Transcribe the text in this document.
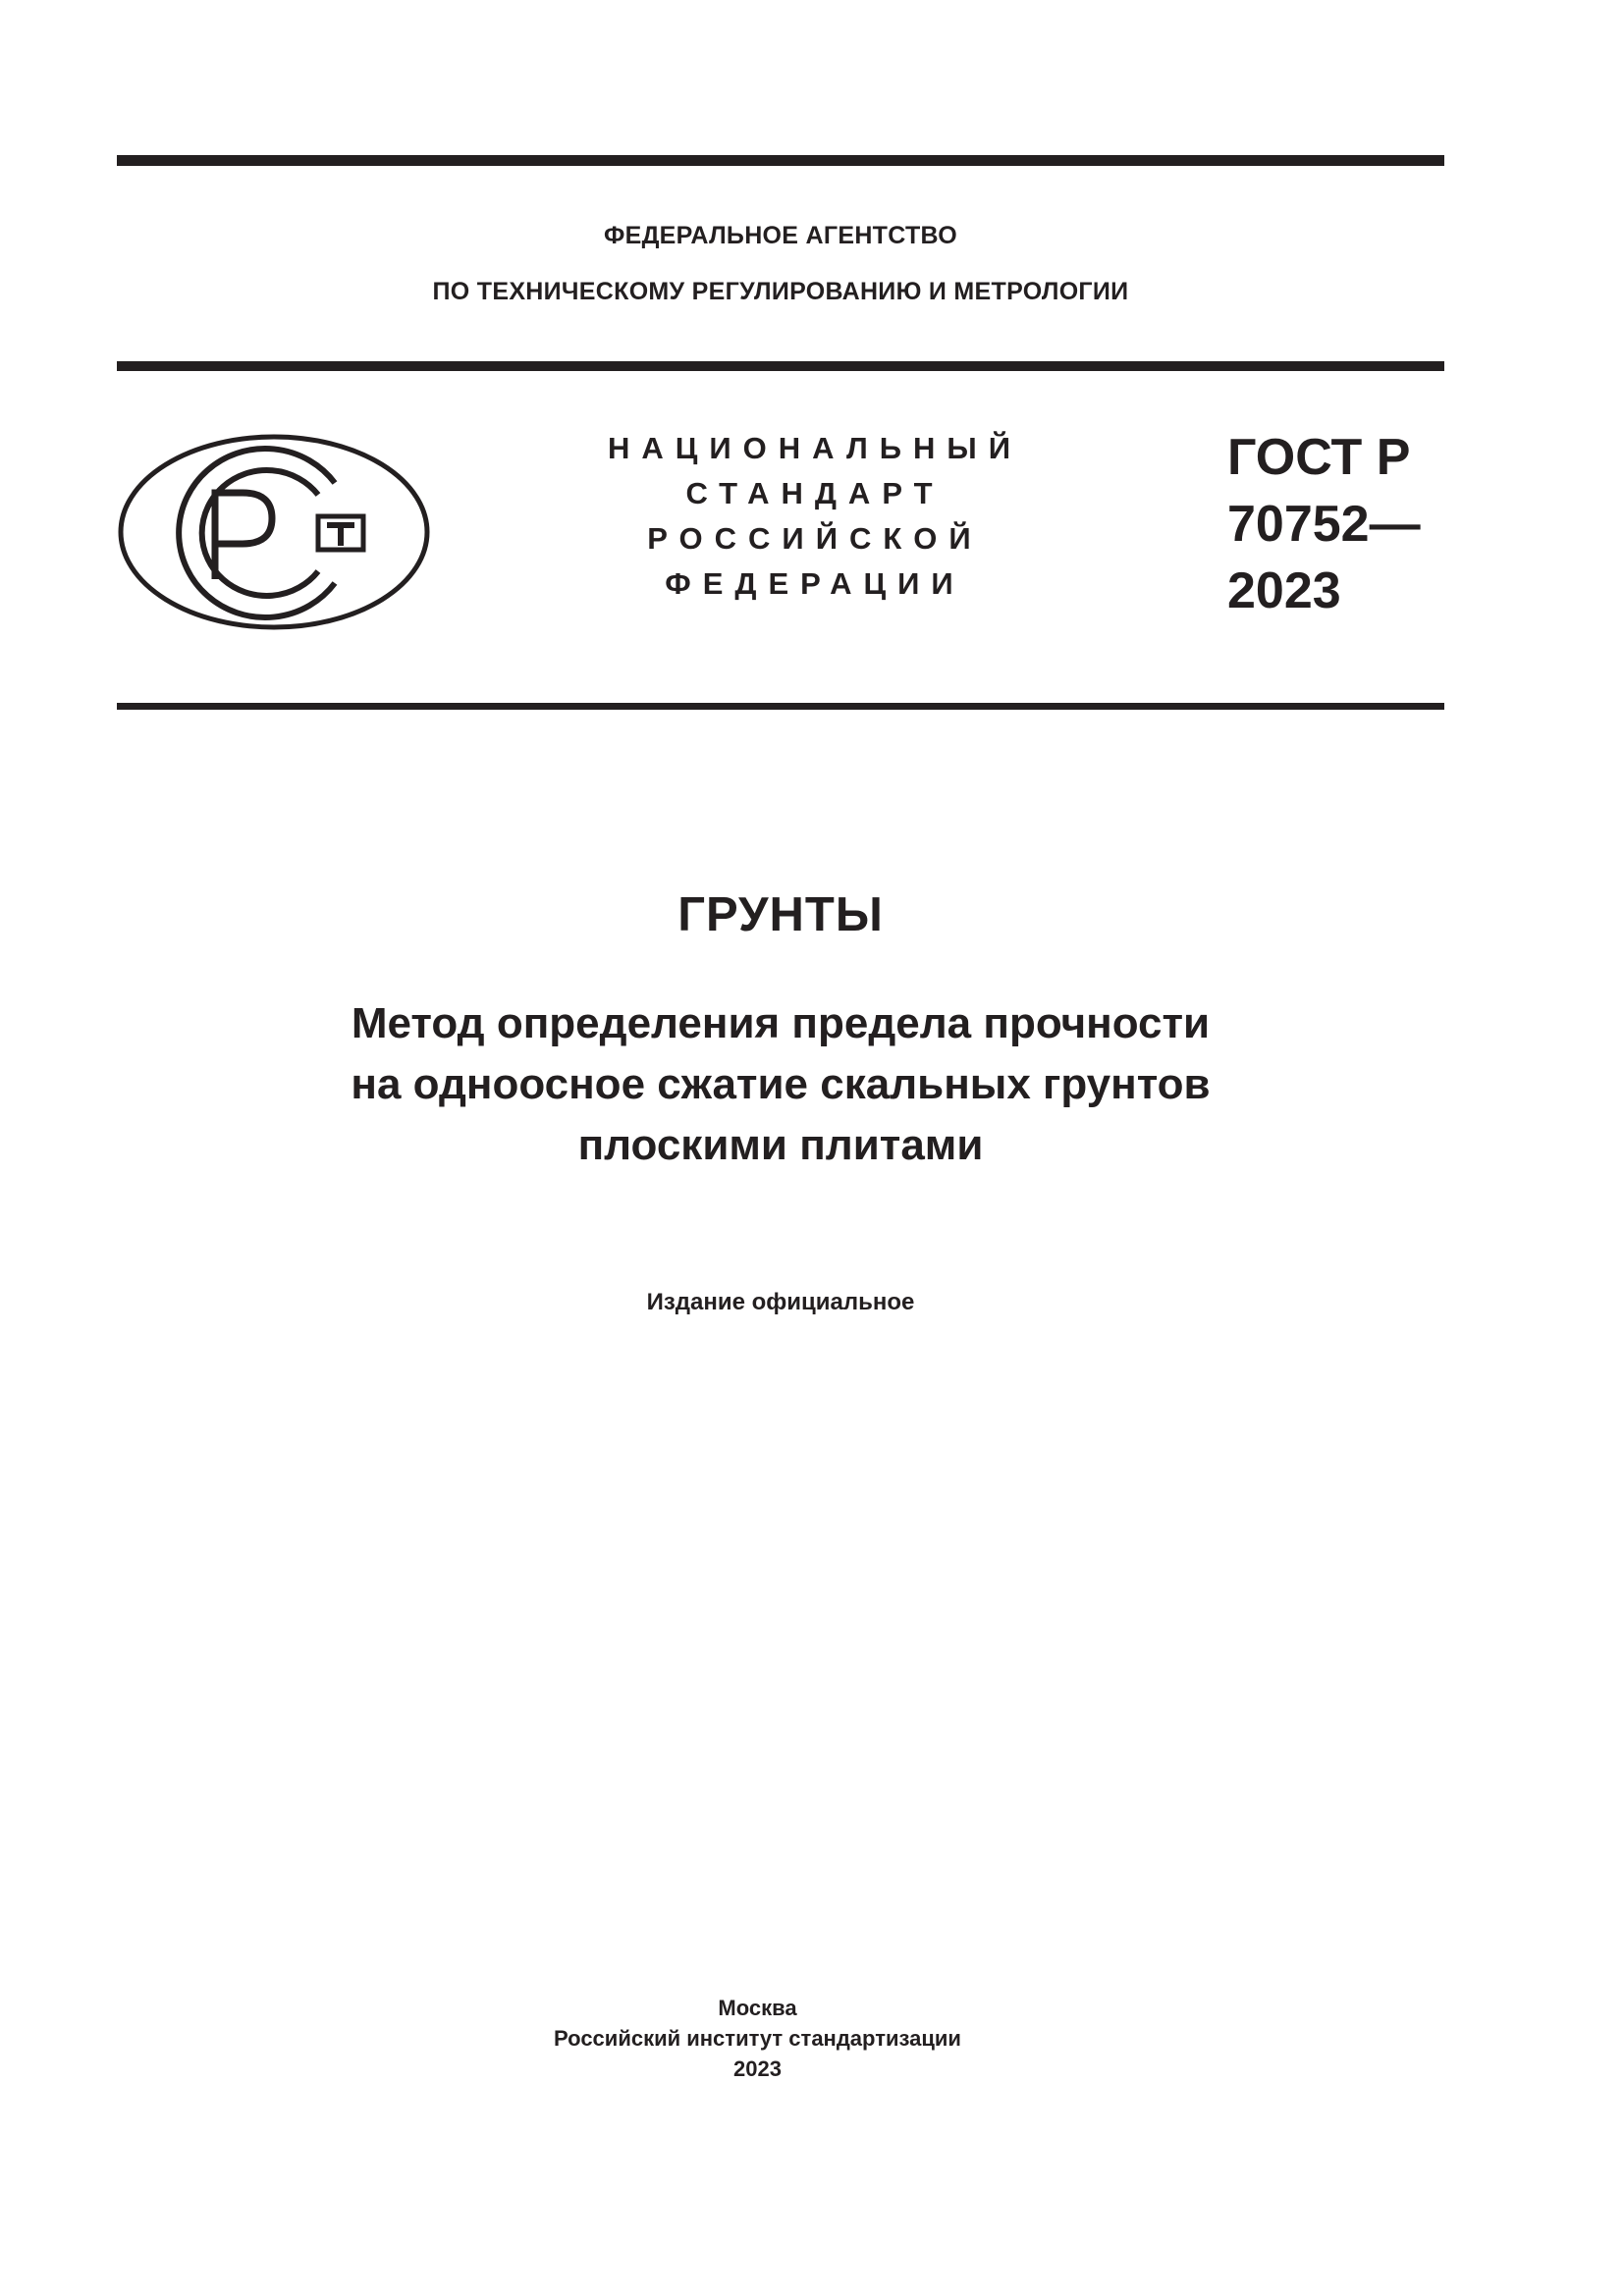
ФЕДЕРАЛЬНОЕ АГЕНТСТВО
ПО ТЕХНИЧЕСКОМУ РЕГУЛИРОВАНИЮ И МЕТРОЛОГИИ
НАЦИОНАЛЬНЫЙ
СТАНДАРТ
РОССИЙСКОЙ
ФЕДЕРАЦИИ
ГОСТ Р
70752—
2023
ГРУНТЫ
Метод определения предела прочности
на одноосное сжатие скальных грунтов
плоскими плитами
Издание официальное
Москва
Российский институт стандартизации
2023
